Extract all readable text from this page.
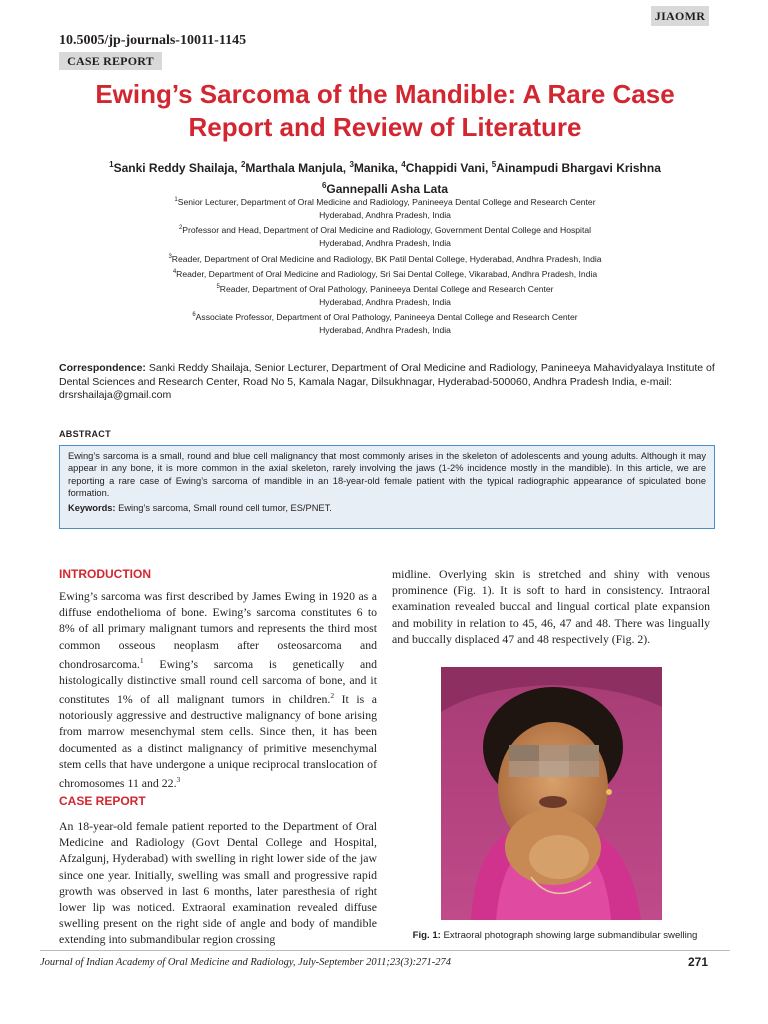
JIAOMR
10.5005/jp-journals-10011-1145
CASE REPORT
Ewing’s Sarcoma of the Mandible: A Rare Case
Report and Review of Literature
$^1$Sanki Reddy Shailaja, $^2$Marthala Manjula, $^3$Manika, $^4$Chappidi Vani, $^5$Ainampudi Bhargavi Krishna
$^6$Gannepalli Asha Lata
$^1$Senior Lecturer, Department of Oral Medicine and Radiology, Panineeya Dental College and Research Center
Hyderabad, Andhra Pradesh, India
$^2$Professor and Head, Department of Oral Medicine and Radiology, Government Dental College and Hospital
Hyderabad, Andhra Pradesh, India
$^3$Reader, Department of Oral Medicine and Radiology, BK Patil Dental College, Hyderabad, Andhra Pradesh, India
$^4$Reader, Department of Oral Medicine and Radiology, Sri Sai Dental College, Vikarabad, Andhra Pradesh, India
$^5$Reader, Department of Oral Pathology, Panineeya Dental College and Research Center
Hyderabad, Andhra Pradesh, India
$^6$Associate Professor, Department of Oral Pathology, Panineeya Dental College and Research Center
Hyderabad, Andhra Pradesh, India
Correspondence: Sanki Reddy Shailaja, Senior Lecturer, Department of Oral Medicine and Radiology, Panineeya Mahavidyalaya Institute of Dental Sciences and Research Center, Road No 5, Kamala Nagar, Dilsukhnagar, Hyderabad-500060, Andhra Pradesh India, e-mail: drsrshailaja@gmail.com
ABSTRACT
Ewing’s sarcoma is a small, round and blue cell malignancy that most commonly arises in the skeleton of adolescents and young adults. Although it may appear in any bone, it is more common in the axial skeleton, rarely involving the jaws (1-2% incidence mostly in the mandible). In this article, we are reporting a rare case of Ewing’s sarcoma of mandible in an 18-year-old female patient with the typical radiographic appearance of spiculated bone formation.
Keywords: Ewing’s sarcoma, Small round cell tumor, ES/PNET.
INTRODUCTION
Ewing’s sarcoma was first described by James Ewing in 1920 as a diffuse endothelioma of bone. Ewing’s sarcoma constitutes 6 to 8% of all primary malignant tumors and represents the third most common osseous neoplasm after osteosarcoma and chondrosarcoma.$^1$ Ewing’s sarcoma is genetically and histologically distinctive small round cell sarcoma of bone, and it constitutes 1% of all malignant tumors in children.$^2$ It is a notoriously aggressive and destructive malignancy of bone arising from marrow mesenchymal stem cells. Since then, it has been documented as a distinct malignancy of primitive mesenchymal stem cells that have undergone a unique reciprocal translocation of chromosomes 11 and 22.$^3$
CASE REPORT
An 18-year-old female patient reported to the Department of Oral Medicine and Radiology (Govt Dental College and Hospital, Afzalgunj, Hyderabad) with swelling in right lower side of the jaw since one year. Initially, swelling was small and progressive rapid growth was observed in last 6 months, later paresthesia of right lower lip was noticed. Extraoral examination revealed diffuse swelling present on the right side of angle and body of mandible extending into submandibular region crossing
midline. Overlying skin is stretched and shiny with venous prominence (Fig. 1). It is soft to hard in consistency. Intraoral examination revealed buccal and lingual cortical plate expansion and mobility in relation to 45, 46, 47 and 48. There was lingually and buccally displaced 47 and 48 respectively (Fig. 2).
Fig. 1: Extraoral photograph showing large submandibular swelling
Journal of Indian Academy of Oral Medicine and Radiology, July-September 2011;23(3):271-274	271
